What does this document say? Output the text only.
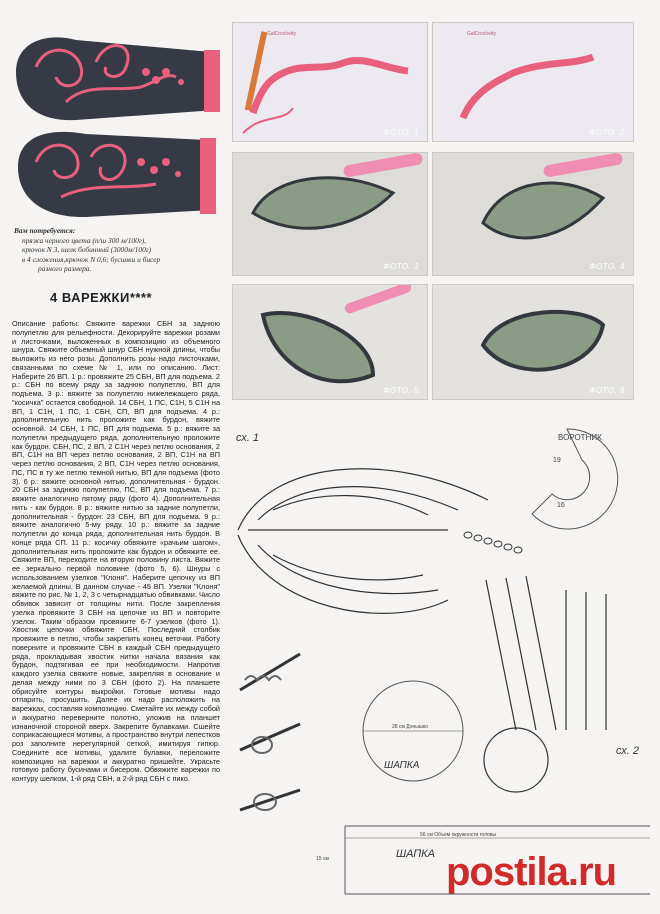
Вам потребуется:
пряжа черного цвета (п/ш 300 м/100г),
крючок N 3, шелк бобинный (3000м/100г)
в 4 сложения,крючок N 0,6; бусинки и бисер
разного размера.
4 ВАРЕЖКИ****
GalCrochetty
ФОТО. 1
GalCrochetty
ФОТО. 2
ФОТО. 3	ФОТО. 4
ФОТО. 5	ФОТО. 6

Описание работы: Свяжите варежки СБН за заднюю полупетлю для рельефности. Декорируйте варежки розами и листочками, выложенных в композицию из объемного шнура. Свяжите объемный шнур СБН нужной длины, чтобы выложить из него розы. Дополнить розы надо листочками, связанными по схеме № 1, или по описанию. Лист: Наберите 26 ВП. 1 р.: провяжите 25 СБН, ВП для подъема. 2 р.: СБН по всему ряду за заднюю полупетлю, ВП для подъема. 3 р.: вяжите за полупетлю нижележащего ряда, "косичка" остается свободной. 14 СБН, 1 ПС, С1Н, 5 С1Н на ВП, 1 С1Н, 1 ПС, 1 СБН, СП, ВП для подъема. 4 р.: дополнительную нить проложите как бурдон, вяжите основной. 14 СБН, 1 ПС, ВП для подъема. 5 р.: вяжите за полупетли предыдущего ряда, дополнительную проложите как бурдон. СБН, ПС, 2 ВП, 2 С1Н через петлю основания, 2 ВП, С1Н на ВП через петлю основания, 2 ВП, С1Н на ВП через петлю основания, 2 ВП, С1Н через петлю основания, ПС, ПС в ту же петлю темной нитью, ВП для подъема (фото 3). 6 р.: вяжите основной нитью, дополнительная - бурдон. 20 СБН за заднюю полупетлю, ПС, ВП для подъема. 7 р.: вяжите аналогично пятому ряду (фото 4). Дополнительная нить - как бурдон. 8 р.: вяжите нитью за задние полупетли, дополнительная - бурдон: 23 СБН, ВП для подъема. 9 р.: вяжите аналогично 5-му ряду. 10 р.: вяжите за задние полупетли до конца ряда, дополнительная нить бурдон. В конце ряда СП. 11 р.: косичку обвяжите «рачьим шагом», дополнительная нить проложите как бурдон и обвяжите ее. Свяжите ВП, переходите на вторую половину листа. Вяжите ее зеркально первой половине (фото 5, 6). Шнуры с использованием узелков "Клоня". Наберите цепочку из ВП желаемой длины. В данном случае - 45 ВП. Узелки "Клоня" вяжите по рис. № 1, 2, 3 с четырнадцатью обвивками. Число обвивок зависит от толщины нити. После закрепления узелка провяжите 3 СБН на цепочке из ВП и повторите узелок. Таким образом провяжите 6-7 узелков (фото 1). Хвостик цепочки обвяжите СБН. Последний столбик провяжите в петлю, чтобы закрепить конец веточки. Работу поверните и провяжите СБН в каждый СБН предыдущего ряда, прокладывая хвостик нитки начала вязания как бурдон, подтягивая ее при необходимости. Напротив каждого узелка свяжите новые, закрепляя в основание и делая между ними по 3 СБН (фото 2). На планшете обрисуйте контуры выкройки. Готовые мотивы надо отпарить, просушить. Далее их надо расположить на варежках, составляя композицию. Сметайте их между собой и аккуратно переверните полотно, уложив на планшет изнаночной стороной вверх. Закрепите булавками. Сшейте соприкасающиеся мотивы, а пространство внутри лепестков роз заполните нерегулярной сеткой, имитируя гипюр. Соедините все мотивы, удалите булавки, переложите композицию на варежки и аккуратно пришейте. Украсьте готовую работу бусинами и бисером. Обвяжите варежки по контуру шелком, 1-й ряд СБН, а 2-й ряд СБН с пико.

сх. 1	ВОРОТНИК
19
16
сх. 2
28 см Донышко
ШАПКА
56 см Объем окружности головы
15 см	ШАПКА postila.ru
